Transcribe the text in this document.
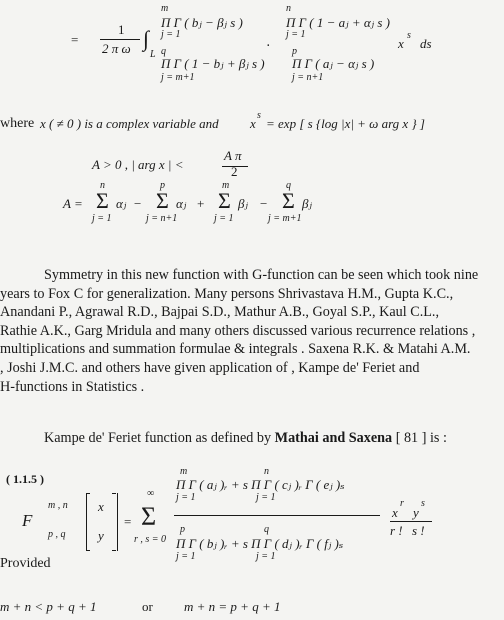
=
1
2 π ω ∫
L
m
Π Γ ( bⱼ − βⱼ s )
j = 1
n
Π Γ ( 1 − aⱼ + αⱼ s )
j = 1
.
q
Π Γ ( 1 − bⱼ + βⱼ s )
j = m+1
p
Π Γ ( aⱼ − αⱼ s )
j = n+1
x
s
ds
where x ( ≠ 0 ) is a complex variable and x
s
= exp [ s {log |x| + ω arg x } ]
A > 0 , | arg x | <
A π
2
A =
n
Σ αⱼ
j = 1
−
p
Σ αⱼ
j = n+1
+
m
Σ βⱼ
j = 1
−
q
Σ βⱼ
j = m+1
Symmetry in this new function with G-function can be seen which took nine
years to Fox C for generalization. Many persons Shrivastava H.M., Gupta K.C.,
Anandani P., Agrawal R.D., Bajpai S.D., Mathur A.B., Goyal S.P., Kaul C.L.,
Rathie A.K., Garg Mridula and many others discussed various recurrence relations ,
multiplications and summation formulae & integrals . Saxena R.K. & Matahi A.M.
, Joshi J.M.C. and others have given application of , Kampe de' Feriet and
H-functions in Statistics .
Kampe de' Feriet function as defined by Mathai and Saxena [ 81 ] is :
( 1.1.5 )
F
m , n
p , q
x
y
=
∞
Σ
r , s = 0
m	n
Π Γ ( aⱼ )ᵣ + s Π Γ ( cⱼ )ᵣ Γ ( eⱼ )ₛ
j = 1	j = 1
p	q
Π Γ ( bⱼ )ᵣ + s Π Γ ( dⱼ )ᵣ Γ ( fⱼ )ₛ
j = 1	j = 1
x
r
y
s
r ! s !
Provided
m + n < p + q + 1	or m + n = p + q + 1
